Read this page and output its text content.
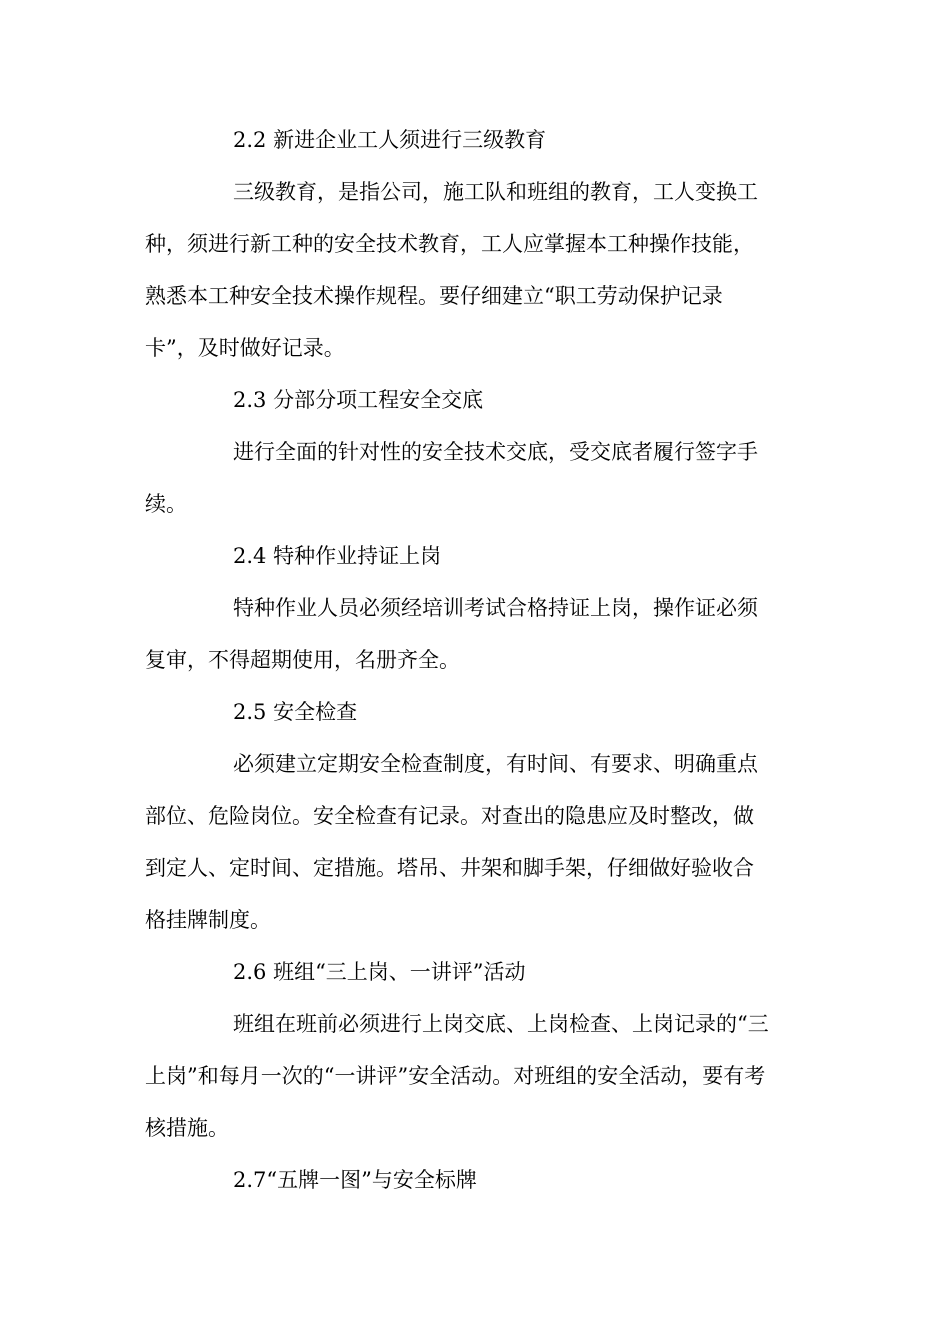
2.2 新进企业工人须进行三级教育
三级教育，是指公司，施工队和班组的教育，工人变换工
种，须进行新工种的安全技术教育，工人应掌握本工种操作技能，
熟悉本工种安全技术操作规程。要仔细建立“职工劳动保护记录
卡”，及时做好记录。
2.3 分部分项工程安全交底
进行全面的针对性的安全技术交底，受交底者履行签字手
续。
2.4 特种作业持证上岗
特种作业人员必须经培训考试合格持证上岗，操作证必须
复审，不得超期使用，名册齐全。
2.5 安全检查
必须建立定期安全检查制度，有时间、有要求、明确重点
部位、危险岗位。安全检查有记录。对查出的隐患应及时整改，做
到定人、定时间、定措施。塔吊、井架和脚手架，仔细做好验收合
格挂牌制度。
2.6 班组“三上岗、一讲评”活动
班组在班前必须进行上岗交底、上岗检查、上岗记录的“三
上岗”和每月一次的“一讲评”安全活动。对班组的安全活动，要有考
核措施。
2.7“五牌一图”与安全标牌
